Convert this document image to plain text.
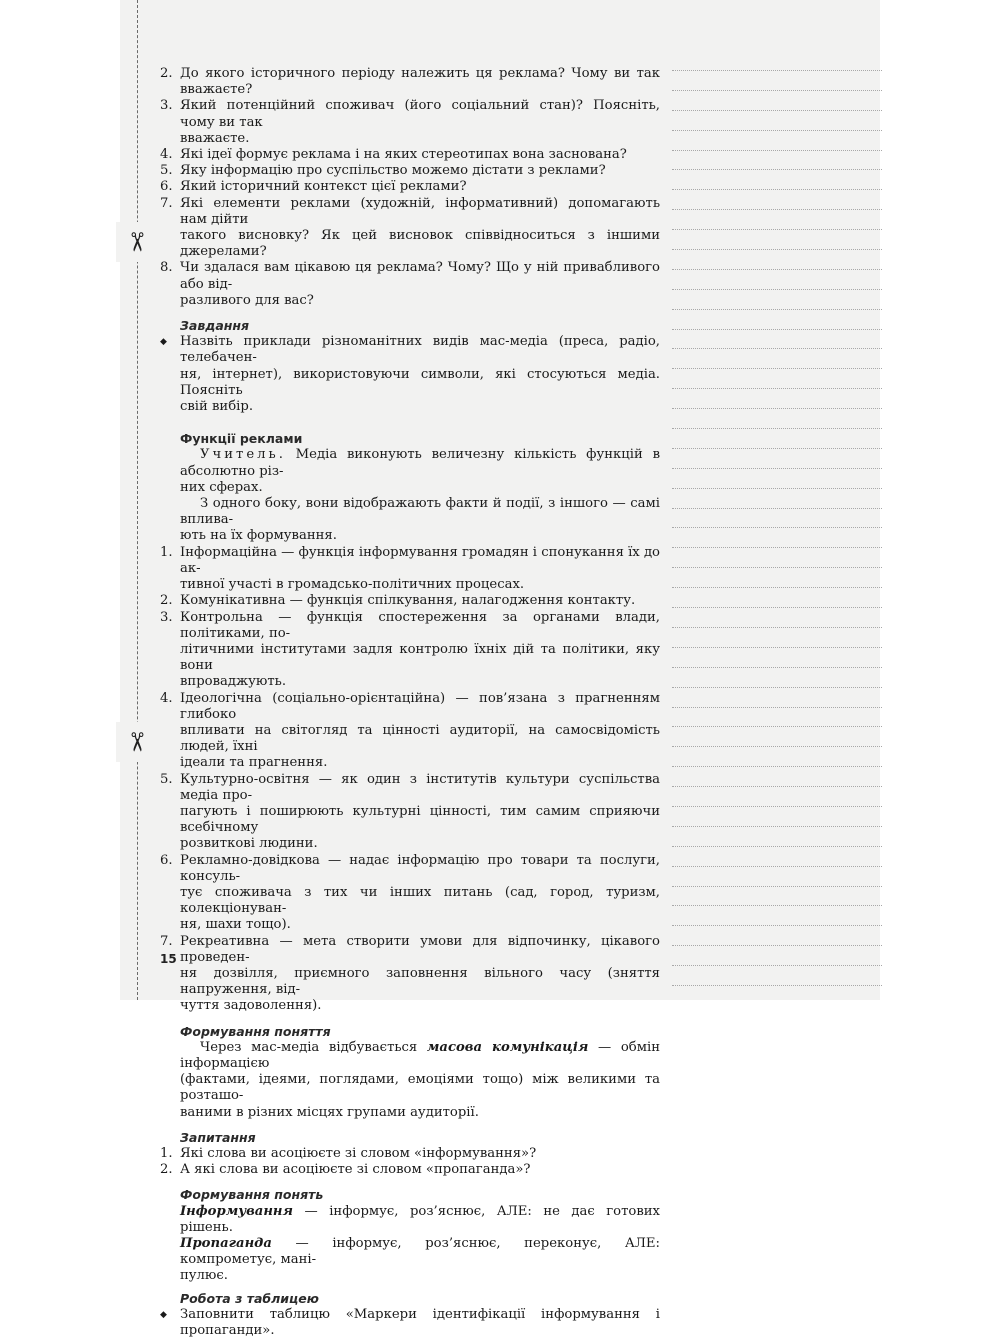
✂
✂
2. До якого історичного періоду належить ця реклама? Чому ви так вважаєте?
3. Який потенційний споживач (його соціальний стан)? Поясніть, чому ви так
вважаєте.
4. Які ідеї формує реклама і на яких стереотипах вона заснована?
5. Яку інформацію про суспільство можемо дістати з реклами?
6. Який історичний контекст цієї реклами?
7. Які елементи реклами (художній, інформативний) допомагають нам дійти
такого висновку? Як цей висновок співвідноситься з іншими джерелами?
8. Чи здалася вам цікавою ця реклама? Чому? Що у ній привабливого або від-
разливого для вас?
Завдання
◆ Назвіть приклади різноманітних видів мас-медіа (преса, радіо, телебачен-
ня, інтернет), використовуючи символи, які стосуються медіа. Поясніть
свій вибір.
Функції реклами
Учитель. Медіа виконують величезну кількість функцій в абсолютно різ-
них сферах.
З одного боку, вони відображають факти й події, з іншого — самі вплива-
ють на їх формування.
1. Інформаційна — функція інформування громадян і спонукання їх до ак-
тивної участі в громадсько-політичних процесах.
2. Комунікативна — функція спілкування, налагодження контакту.
3. Контрольна — функція спостереження за органами влади, політиками, по-
літичними інститутами задля контролю їхніх дій та політики, яку вони
впроваджують.
4. Ідеологічна (соціально-орієнтаційна) — пов’язана з прагненням глибоко
впливати на світогляд та цінності аудиторії, на самосвідомість людей, їхні
ідеали та прагнення.
5. Культурно-освітня — як один з інститутів культури суспільства медіа про-
пагують і поширюють культурні цінності, тим самим сприяючи всебічному
розвиткові людини.
6. Рекламно-довідкова — надає інформацію про товари та послуги, консуль-
тує споживача з тих чи інших питань (сад, город, туризм, колекціонуван-
ня, шахи тощо).
7. Рекреативна — мета створити умови для відпочинку, цікавого проведен-
ня дозвілля, приємного заповнення вільного часу (зняття напруження, від-
чуття задоволення).
Формування поняття
Через мас-медіа відбувається масова комунікація — обмін інформацією
(фактами, ідеями, поглядами, емоціями тощо) між великими та розташо-
ваними в різних місцях групами аудиторії.
Запитання
1. Які слова ви асоціюєте зі словом «інформування»?
2. А які слова ви асоціюєте зі словом «пропаганда»?
Формування понять
Інформування — інформує, роз’яснює, АЛЕ: не дає готових рішень.
Пропаганда — інформує, роз’яснює, переконує, АЛЕ: компрометує, мані-
пулює.
Робота з таблицею
◆ Заповнити таблицю «Маркери ідентифікації інформування і пропаганди».
15
